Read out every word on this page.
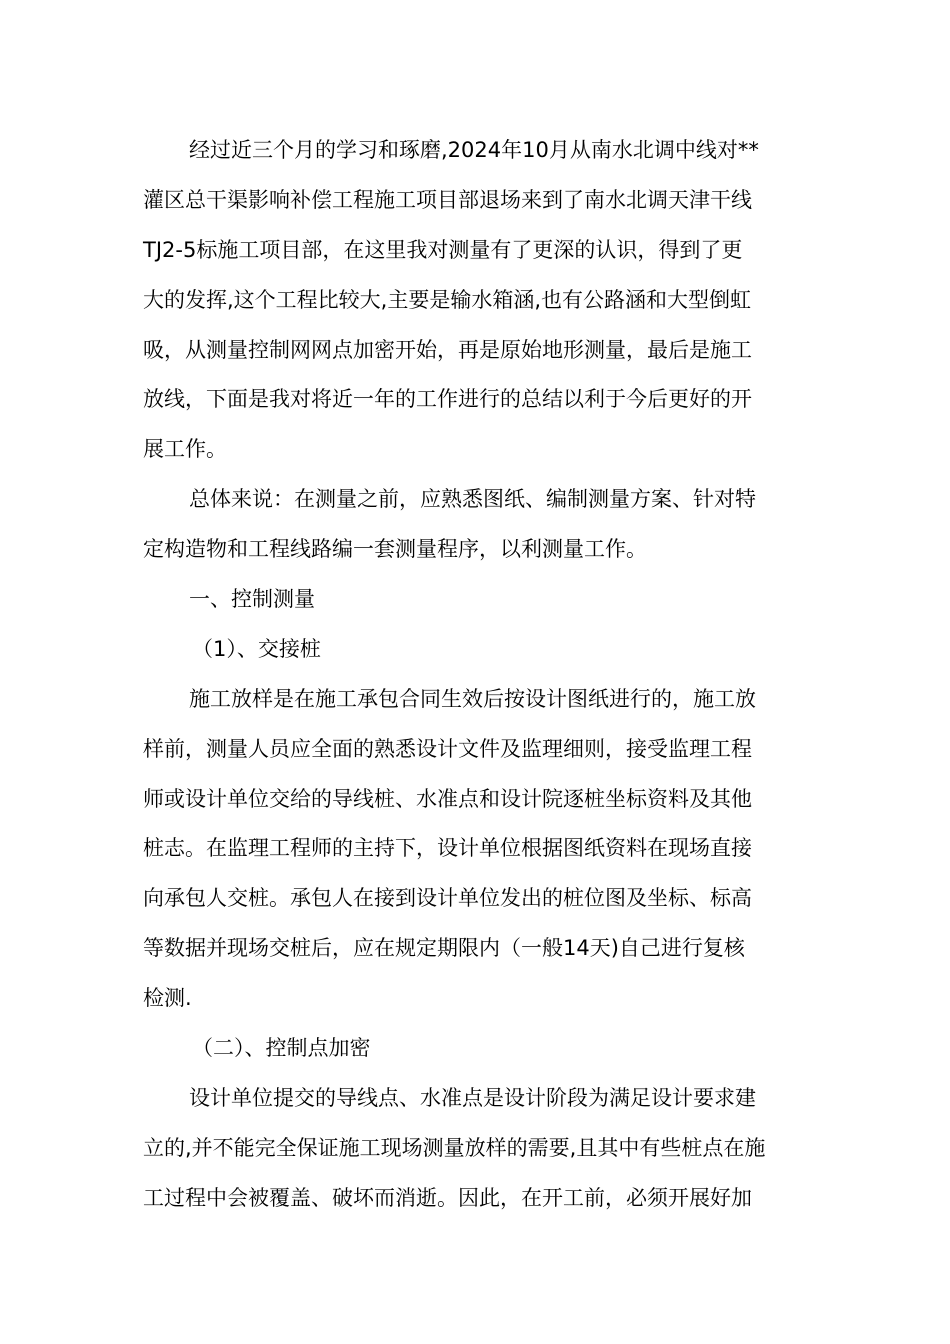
经过近三个月的学习和琢磨,2024年10月从南水北调中线对**
灌区总干渠影响补偿工程施工项目部退场来到了南水北调天津干线
TJ2-5标施工项目部，在这里我对测量有了更深的认识，得到了更
大的发挥,这个工程比较大,主要是输水箱涵,也有公路涵和大型倒虹
吸，从测量控制网网点加密开始，再是原始地形测量，最后是施工
放线，下面是我对将近一年的工作进行的总结以利于今后更好的开
展工作。
总体来说：在测量之前，应熟悉图纸、编制测量方案、针对特
定构造物和工程线路编一套测量程序，以利测量工作。
一、控制测量
（1）、交接桩
施工放样是在施工承包合同生效后按设计图纸进行的，施工放
样前，测量人员应全面的熟悉设计文件及监理细则，接受监理工程
师或设计单位交给的导线桩、水准点和设计院逐桩坐标资料及其他
桩志。在监理工程师的主持下，设计单位根据图纸资料在现场直接
向承包人交桩。承包人在接到设计单位发出的桩位图及坐标、标高
等数据并现场交桩后，应在规定期限内（一般14天)自己进行复核
检测.
（二）、控制点加密
设计单位提交的导线点、水准点是设计阶段为满足设计要求建
立的,并不能完全保证施工现场测量放样的需要,且其中有些桩点在施
工过程中会被覆盖、破坏而消逝。因此，在开工前，必须开展好加
